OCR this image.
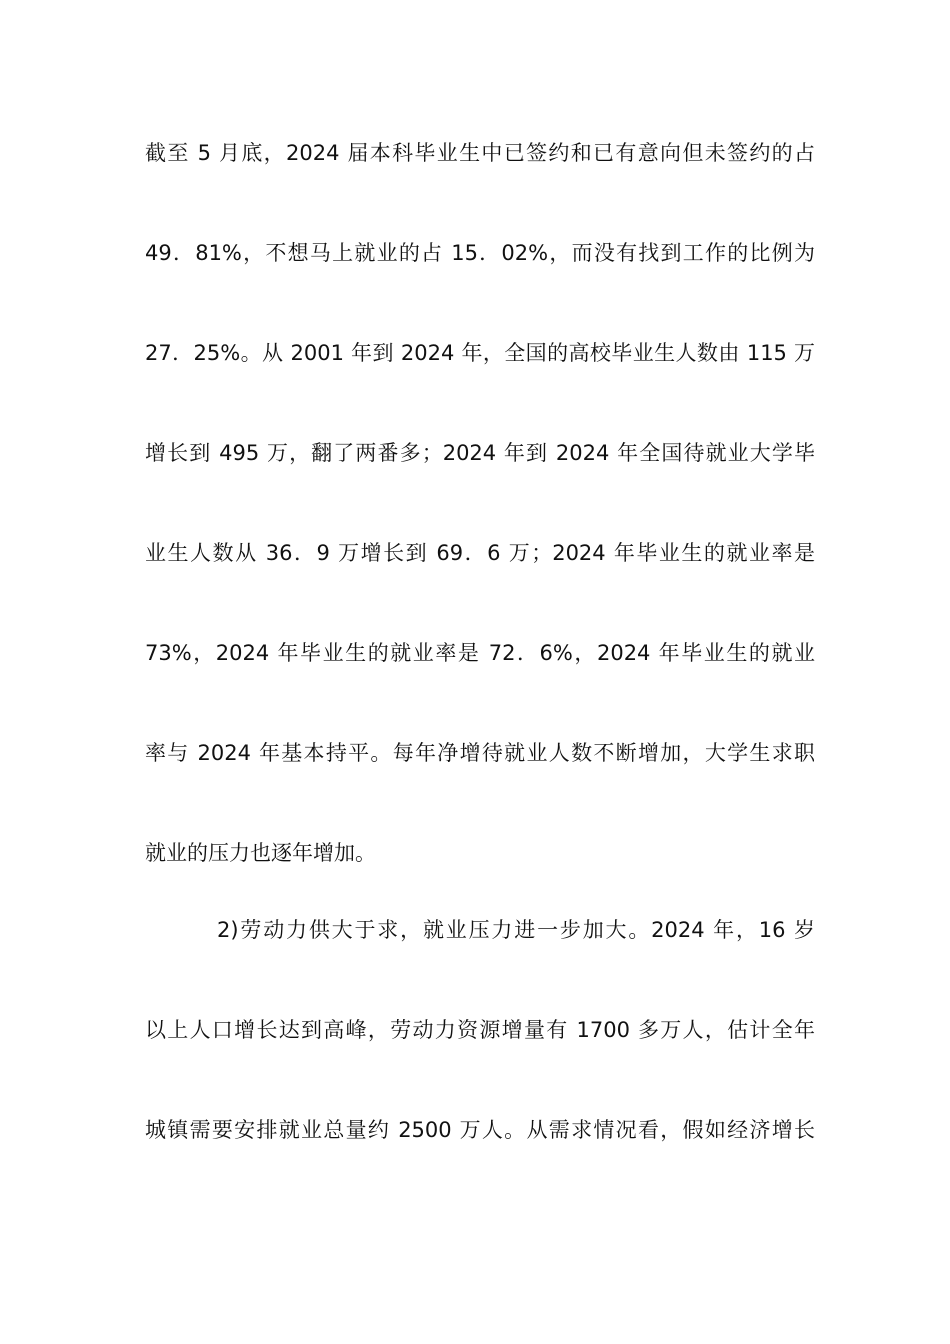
截至 5 月底，2024 届本科毕业生中已签约和已有意向但未签约的占
49．81%，不想马上就业的占 15．02%，而没有找到工作的比例为
27．25%。从 2001 年到 2024 年，全国的高校毕业生人数由 115 万
增长到 495 万，翻了两番多；2024 年到 2024 年全国待就业大学毕
业生人数从 36．9 万增长到 69．6 万；2024 年毕业生的就业率是
73%，2024 年毕业生的就业率是 72．6%，2024 年毕业生的就业
率与 2024 年基本持平。每年净增待就业人数不断增加，大学生求职
就业的压力也逐年增加。
2)劳动力供大于求，就业压力进一步加大。2024 年，16 岁
以上人口增长达到高峰，劳动力资源增量有 1700 多万人，估计全年
城镇需要安排就业总量约 2500 万人。从需求情况看，假如经济增长
